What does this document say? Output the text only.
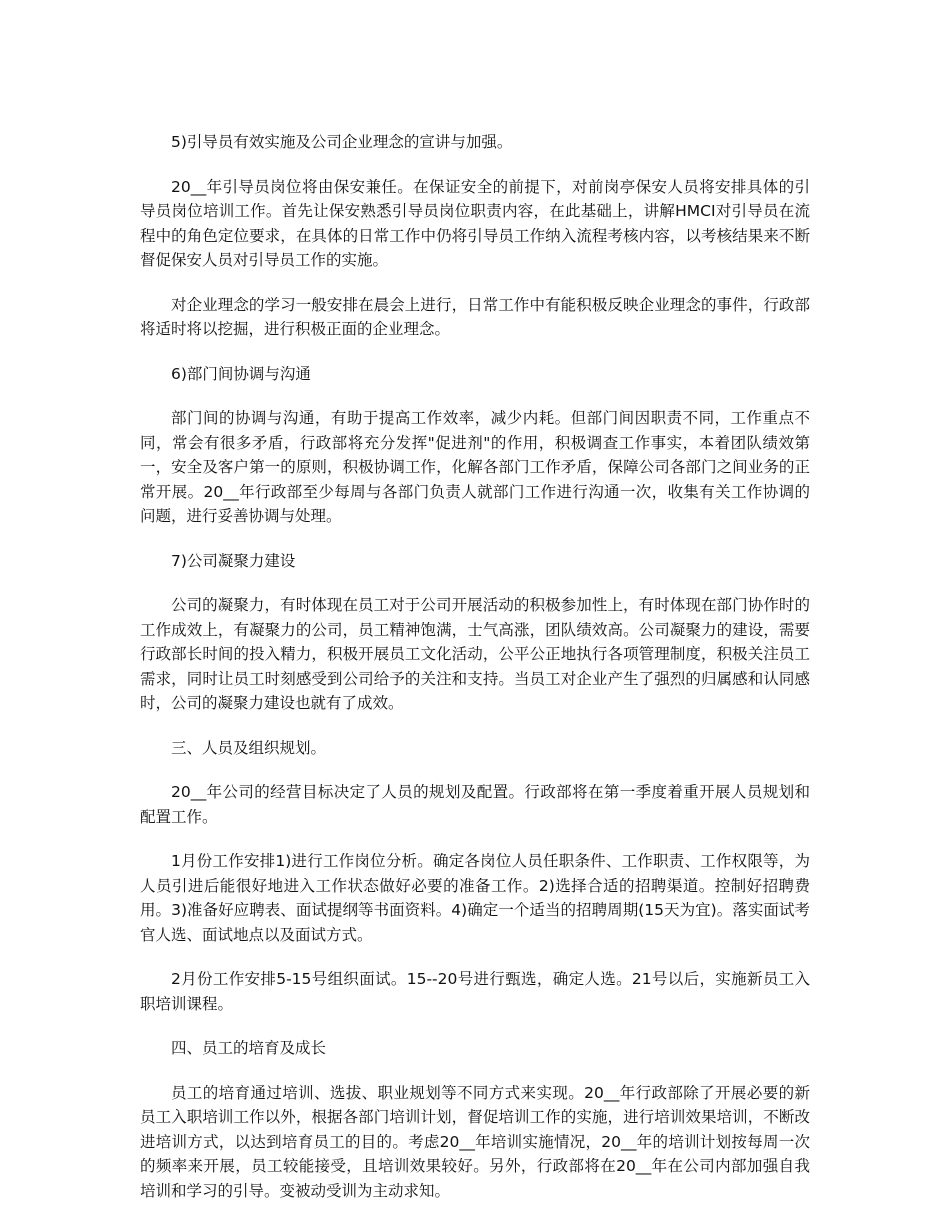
5)引导员有效实施及公司企业理念的宣讲与加强。

20__年引导员岗位将由保安兼任。在保证安全的前提下，对前岗亭保安人员将安排具体的引导员岗位培训工作。首先让保安熟悉引导员岗位职责内容，在此基础上，讲解HMCI对引导员在流程中的角色定位要求，在具体的日常工作中仍将引导员工作纳入流程考核内容，以考核结果来不断督促保安人员对引导员工作的实施。

对企业理念的学习一般安排在晨会上进行，日常工作中有能积极反映企业理念的事件，行政部将适时将以挖掘，进行积极正面的企业理念。

6)部门间协调与沟通

部门间的协调与沟通，有助于提高工作效率，减少内耗。但部门间因职责不同，工作重点不同，常会有很多矛盾，行政部将充分发挥"促进剂"的作用，积极调查工作事实，本着团队绩效第一，安全及客户第一的原则，积极协调工作，化解各部门工作矛盾，保障公司各部门之间业务的正常开展。20__年行政部至少每周与各部门负责人就部门工作进行沟通一次，收集有关工作协调的问题，进行妥善协调与处理。

7)公司凝聚力建设

公司的凝聚力，有时体现在员工对于公司开展活动的积极参加性上，有时体现在部门协作时的工作成效上，有凝聚力的公司，员工精神饱满，士气高涨，团队绩效高。公司凝聚力的建设，需要行政部长时间的投入精力，积极开展员工文化活动，公平公正地执行各项管理制度，积极关注员工需求，同时让员工时刻感受到公司给予的关注和支持。当员工对企业产生了强烈的归属感和认同感时，公司的凝聚力建设也就有了成效。

三、人员及组织规划。

20__年公司的经营目标决定了人员的规划及配置。行政部将在第一季度着重开展人员规划和配置工作。

1月份工作安排1)进行工作岗位分析。确定各岗位人员任职条件、工作职责、工作权限等，为人员引进后能很好地进入工作状态做好必要的准备工作。2)选择合适的招聘渠道。控制好招聘费用。3)准备好应聘表、面试提纲等书面资料。4)确定一个适当的招聘周期(15天为宜)。落实面试考官人选、面试地点以及面试方式。

2月份工作安排5-15号组织面试。15--20号进行甄选，确定人选。21号以后，实施新员工入职培训课程。

四、员工的培育及成长

员工的培育通过培训、选拔、职业规划等不同方式来实现。20__年行政部除了开展必要的新员工入职培训工作以外，根据各部门培训计划，督促培训工作的实施，进行培训效果培训，不断改进培训方式，以达到培育员工的目的。考虑20__年培训实施情况，20__年的培训计划按每周一次的频率来开展，员工较能接受，且培训效果较好。另外，行政部将在20__年在公司内部加强自我培训和学习的引导。变被动受训为主动求知。
